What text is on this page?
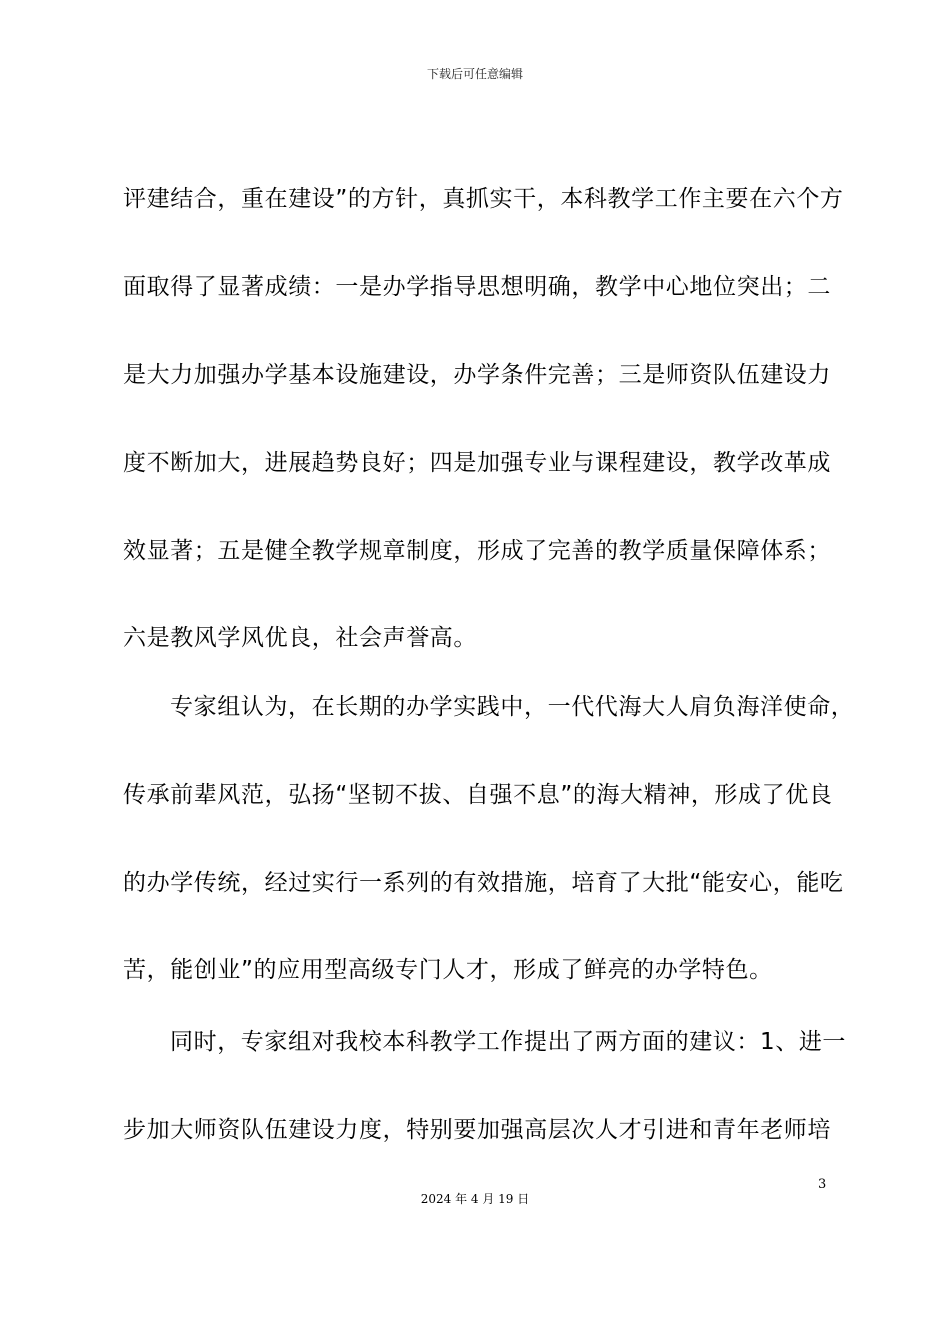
下载后可任意编辑
评建结合，重在建设”的方针，真抓实干，本科教学工作主要在六个方
面取得了显著成绩：一是办学指导思想明确，教学中心地位突出；二
是大力加强办学基本设施建设，办学条件完善；三是师资队伍建设力
度不断加大，进展趋势良好；四是加强专业与课程建设，教学改革成
效显著；五是健全教学规章制度，形成了完善的教学质量保障体系；
六是教风学风优良，社会声誉高。
专家组认为，在长期的办学实践中，一代代海大人肩负海洋使命，
传承前辈风范，弘扬“坚韧不拔、自强不息”的海大精神，形成了优良
的办学传统，经过实行一系列的有效措施，培育了大批“能安心，能吃
苦，能创业”的应用型高级专门人才，形成了鲜亮的办学特色。
同时，专家组对我校本科教学工作提出了两方面的建议：1、进一
步加大师资队伍建设力度，特别要加强高层次人才引进和青年老师培
3
2024 年 4 月 19 日
